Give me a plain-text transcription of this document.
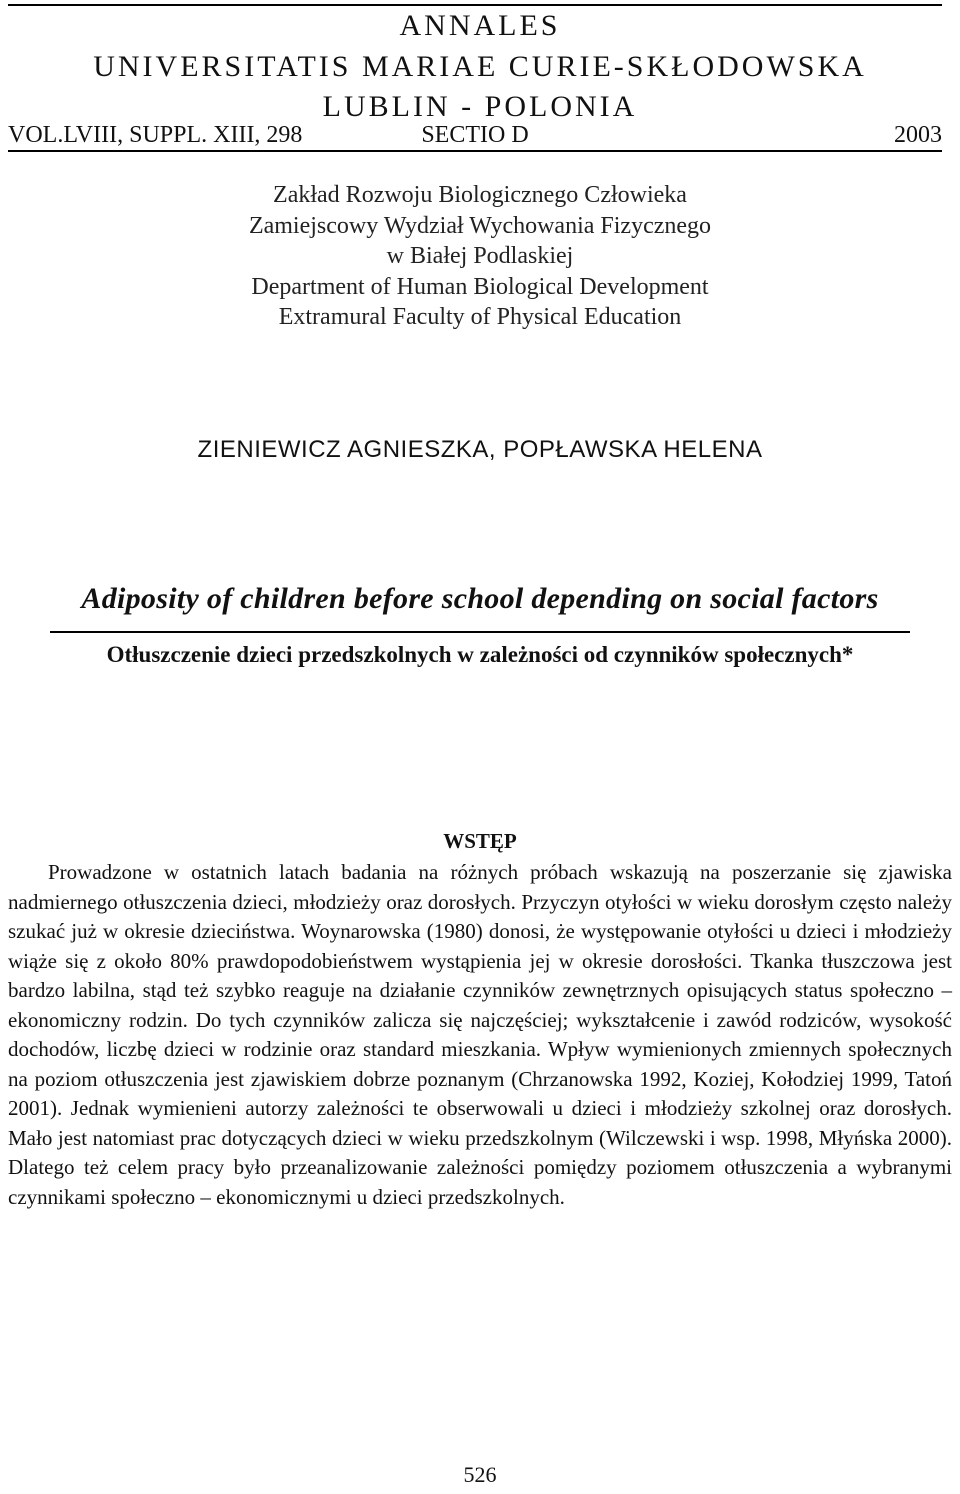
ANNALES
UNIVERSITATIS MARIAE CURIE-SKŁODOWSKA
LUBLIN - POLONIA
SECTIO D
VOL.LVIII, SUPPL. XIII, 298	2003
Zakład Rozwoju Biologicznego Człowieka
Zamiejscowy Wydział Wychowania Fizycznego
w Białej Podlaskiej
Department of Human Biological Development
Extramural Faculty of Physical Education
ZIENIEWICZ AGNIESZKA, POPŁAWSKA HELENA
Adiposity of children before school depending on social factors
Otłuszczenie dzieci przedszkolnych w zależności od czynników społecznych*
WSTĘP

Prowadzone w ostatnich latach badania na różnych próbach wskazują na poszerzanie się zjawiska nadmiernego otłuszczenia dzieci, młodzieży oraz dorosłych. Przyczyn otyłości w wieku dorosłym często należy szukać już w okresie dzieciństwa. Woynarowska (1980) donosi, że występowanie otyłości u dzieci i młodzieży wiąże się z około 80% prawdopodobieństwem wystąpienia jej w okresie dorosłości. Tkanka tłuszczowa jest bardzo labilna, stąd też szybko reaguje na działanie czynników zewnętrznych opisujących status społeczno – ekonomiczny rodzin. Do tych czynników zalicza się najczęściej; wykształcenie i zawód rodziców, wysokość dochodów, liczbę dzieci w rodzinie oraz standard mieszkania. Wpływ wymienionych zmiennych społecznych na poziom otłuszczenia jest zjawiskiem dobrze poznanym (Chrzanowska 1992, Koziej, Kołodziej 1999, Tatoń 2001). Jednak wymienieni autorzy zależności te obserwowali u dzieci i młodzieży szkolnej oraz dorosłych. Mało jest natomiast prac dotyczących dzieci w wieku przedszkolnym (Wilczewski i wsp. 1998, Młyńska 2000). Dlatego też celem pracy było przeanalizowanie zależności pomiędzy poziomem otłuszczenia a wybranymi czynnikami społeczno – ekonomicznymi u dzieci przedszkolnych.

526
